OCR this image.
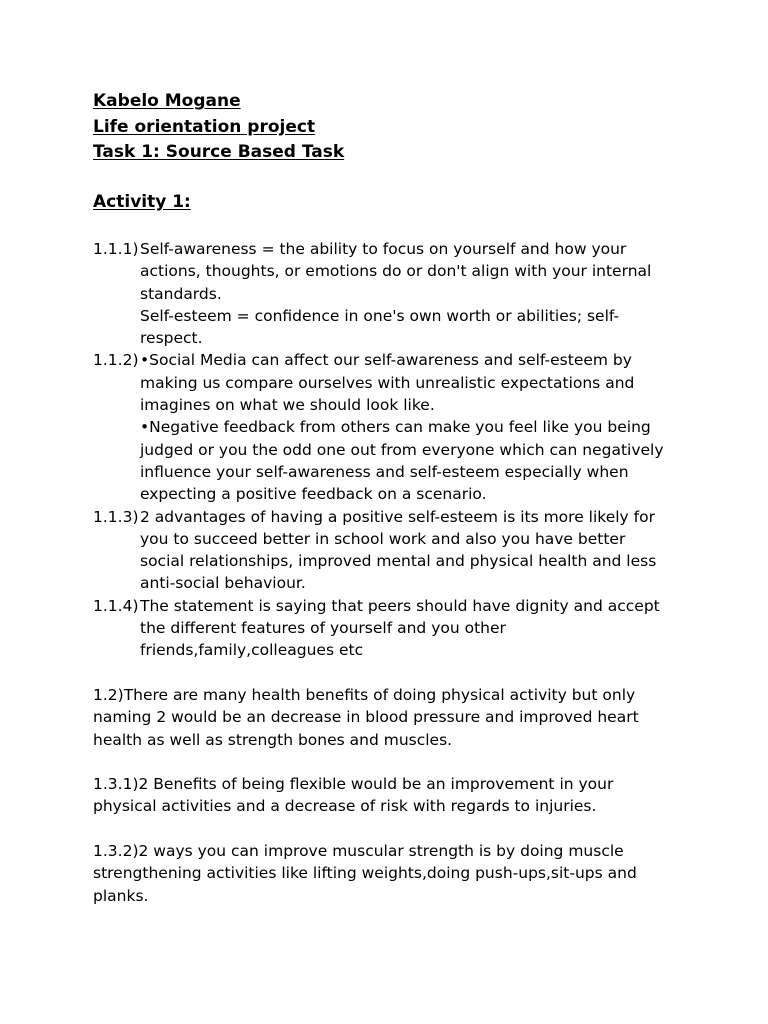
Kabelo Mogane
Life orientation project
Task 1: Source Based Task
Activity 1:
1.1.1) Self-awareness = the ability to focus on yourself and how your
actions, thoughts, or emotions do or don't align with your internal
standards.
Self-esteem = confidence in one's own worth or abilities; self-
respect.
1.1.2) •Social Media can affect our self-awareness and self-esteem by
making us compare ourselves with unrealistic expectations and
imagines on what we should look like.
•Negative feedback from others can make you feel like you being
judged or you the odd one out from everyone which can negatively
influence your self-awareness and self-esteem especially when
expecting a positive feedback on a scenario.
1.1.3) 2 advantages of having a positive self-esteem is its more likely for
you to succeed better in school work and also you have better
social relationships, improved mental and physical health and less
anti-social behaviour.
1.1.4) The statement is saying that peers should have dignity and accept
the different features of yourself and you other
friends,family,colleagues etc
1.2)There are many health benefits of doing physical activity but only
naming 2 would be an decrease in blood pressure and improved heart
health as well as strength bones and muscles.
1.3.1)2 Benefits of being flexible would be an improvement in your
physical activities and a decrease of risk with regards to injuries.
1.3.2)2 ways you can improve muscular strength is by doing muscle
strengthening activities like lifting weights,doing push-ups,sit-ups and
planks.
